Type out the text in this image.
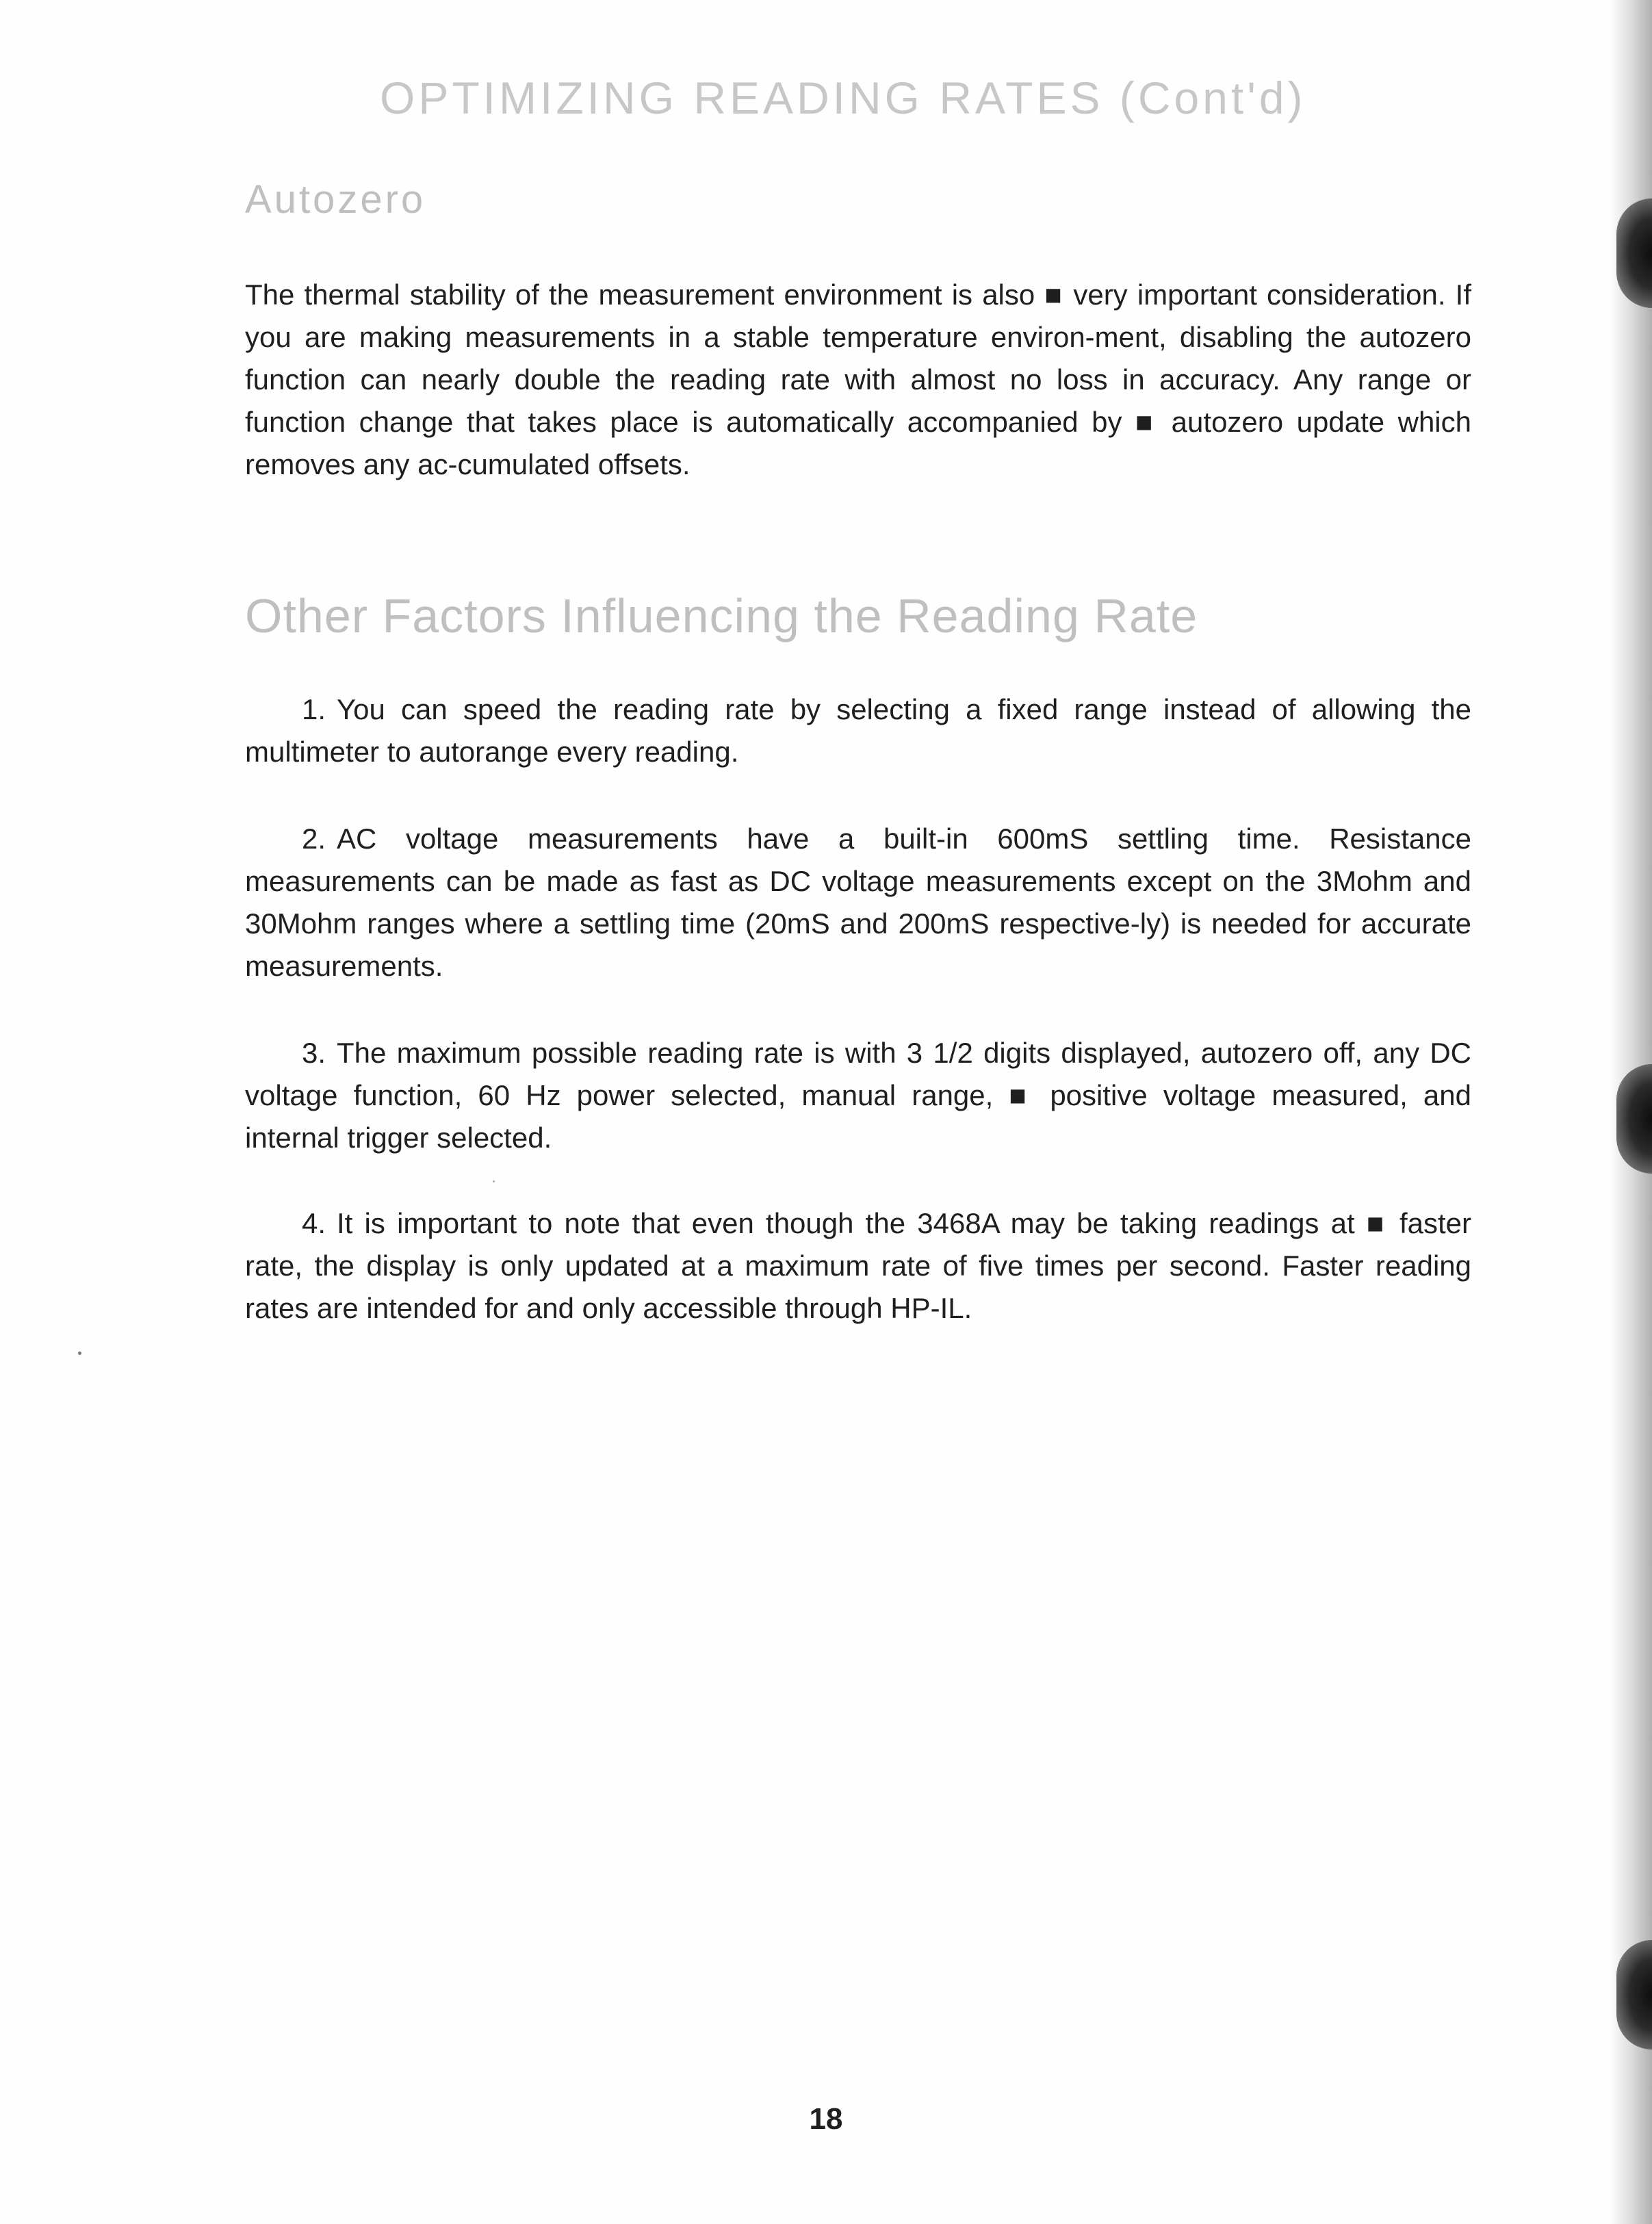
OPTIMIZING READING RATES (Cont'd)
Autozero

The thermal stability of the measurement environment is also ■ very important consideration. If you are making measurements in a stable temperature environ-ment, disabling the autozero function can nearly double the reading rate with almost no loss in accuracy. Any range or function change that takes place is automatically accompanied by ■ autozero update which removes any ac-cumulated offsets.

Other Factors Influencing the Reading Rate

1. You can speed the reading rate by selecting a fixed range instead of allowing the multimeter to autorange every reading.

2. AC voltage measurements have a built-in 600mS settling time. Resistance measurements can be made as fast as DC voltage measurements except on the 3Mohm and 30Mohm ranges where a settling time (20mS and 200mS respective-ly) is needed for accurate measurements.

3. The maximum possible reading rate is with 3 1/2 digits displayed, autozero off, any DC voltage function, 60 Hz power selected, manual range, ■ positive voltage measured, and internal trigger selected.

4. It is important to note that even though the 3468A may be taking readings at ■ faster rate, the display is only updated at a maximum rate of five times per second. Faster reading rates are intended for and only accessible through HP-IL.

18
